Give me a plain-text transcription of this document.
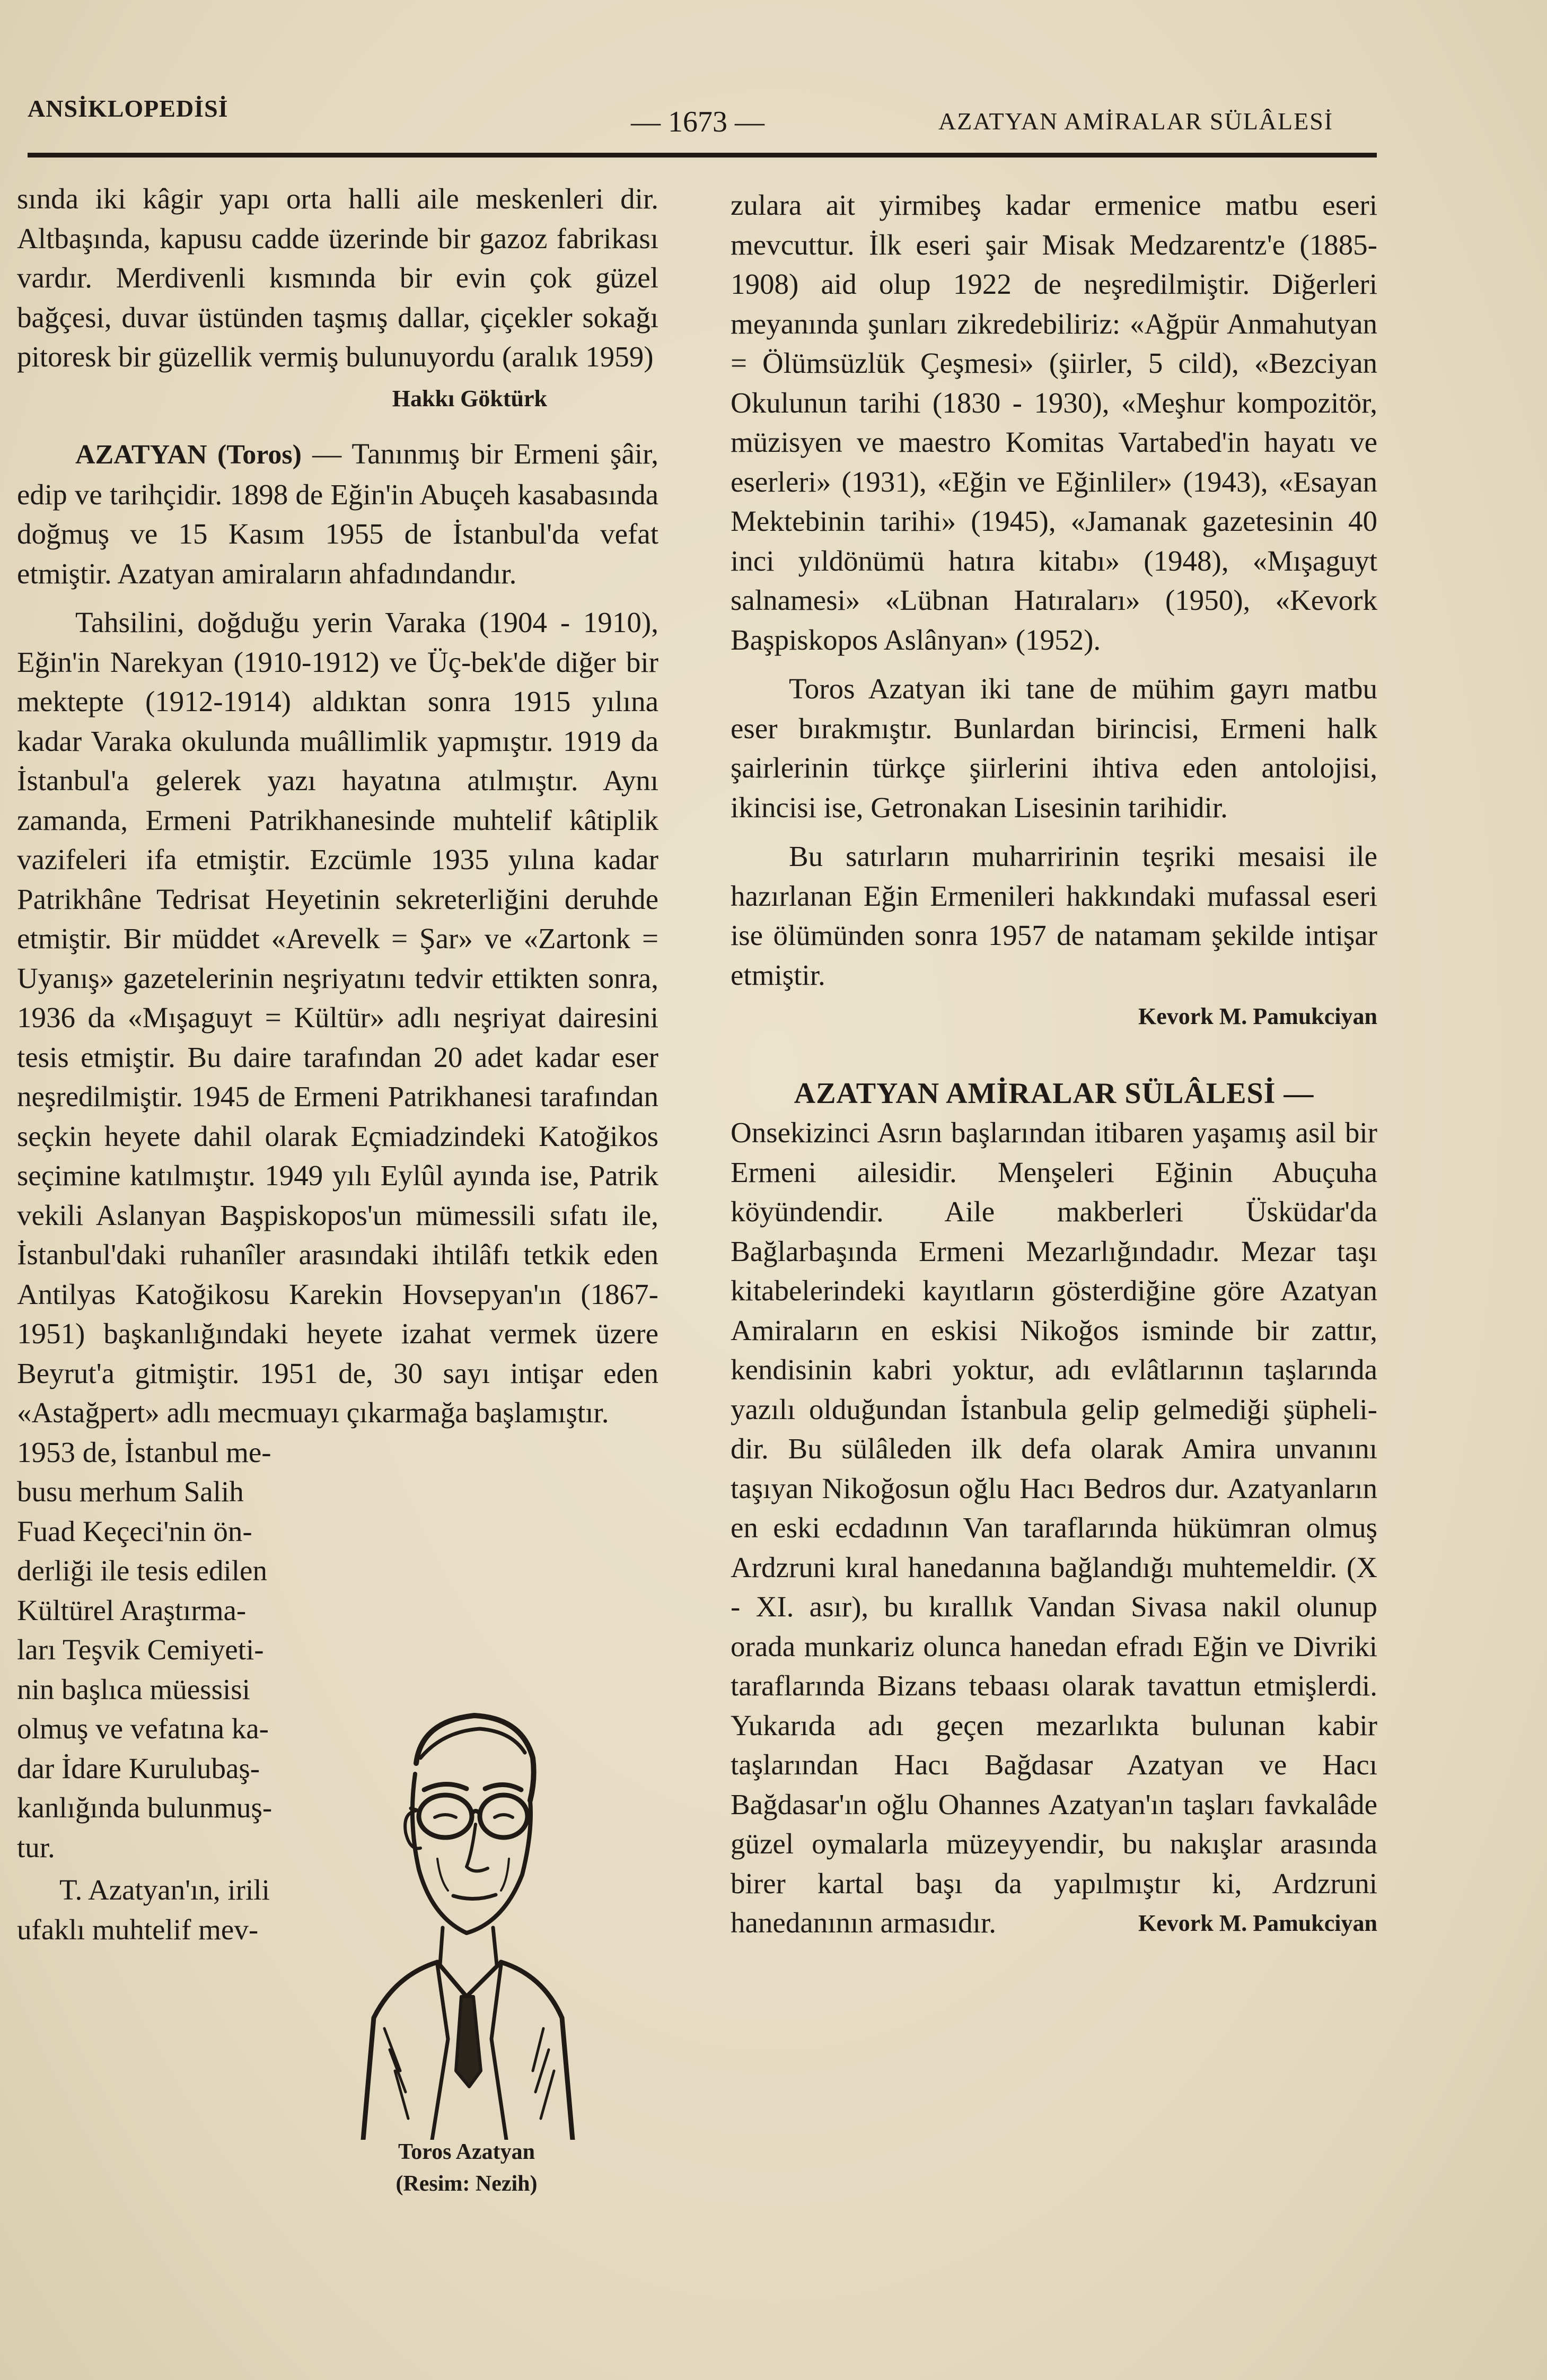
ANSİKLOPEDİSİ	— 1673 —	AZATYAN AMİRALAR SÜLÂLESİ

sında iki kâgir yapı orta halli aile meskenleri dir. Altbaşında, kapusu cadde üzerinde bir gazoz fabrikası vardır. Merdivenli kısmında bir evin çok güzel bağçesi, duvar üstünden taşmış dallar, çiçekler sokağı pitoresk bir güzellik vermiş bulunuyordu (aralık 1959)

Hakkı Göktürk

AZATYAN (Toros) — Tanınmış bir Ermeni şâir, edip ve tarihçidir. 1898 de Eğin'in Abuçeh kasabasında doğmuş ve 15 Kasım 1955 de İstanbul'da vefat etmiştir. Azatyan amiraların ahfadındandır.

Tahsilini, doğduğu yerin Varaka (1904 - 1910), Eğin'in Narekyan (1910-1912) ve Üç-bek'de diğer bir mektepte (1912-1914) aldıktan sonra 1915 yılına kadar Varaka okulunda muâllimlik yapmıştır. 1919 da İstanbul'a gelerek yazı hayatına atılmıştır. Aynı zamanda, Ermeni Patrikhanesinde muhtelif kâtiplik vazifeleri ifa etmiştir. Ezcümle 1935 yılına kadar Patrikhâne Tedrisat Heyetinin sekreterliğini deruhde etmiştir. Bir müddet «Arevelk = Şar» ve «Zartonk = Uyanış» gazetelerinin neşriyatını tedvir ettikten sonra, 1936 da «Mışaguyt = Kültür» adlı neşriyat dairesini tesis etmiştir. Bu daire tarafından 20 adet kadar eser neşredilmiştir. 1945 de Ermeni Patrikhanesi tarafından seçkin heyete dahil olarak Eçmiadzindeki Katoğikos seçimine katılmıştır. 1949 yılı Eylûl ayında ise, Patrik vekili Aslanyan Başpiskopos'un mümessili sıfatı ile, İstanbul'daki ruhanîler arasındaki ihtilâfı tetkik eden Antilyas Katoğikosu Karekin Hovsepyan'ın (1867-1951) başkanlığındaki heyete izahat vermek üzere Beyrut'a gitmiştir. 1951 de, 30 sayı intişar eden «Astağpert» adlı mecmuayı çıkarmağa başlamıştır.

1953 de, İstanbul me-
busu merhum Salih
Fuad Keçeci'nin ön-
derliği ile tesis edilen
Kültürel Araştırma-
ları Teşvik Cemiyeti-
nin başlıca müessisi
olmuş ve vefatına ka-
dar İdare Kurulubaş-
kanlığında bulunmuş-
tur.
T. Azatyan'ın, irili
ufaklı muhtelif mev-
Toros Azatyan
(Resim: Nezih)

zulara ait yirmibeş kadar ermenice matbu eseri mevcuttur. İlk eseri şair Misak Medzarentz'e (1885-1908) aid olup 1922 de neşredilmiştir. Diğerleri meyanında şunları zikredebiliriz: «Ağpür Anmahutyan = Ölümsüzlük Çeşmesi» (şiirler, 5 cild), «Bezciyan Okulunun tarihi (1830 - 1930), «Meşhur kompozitör, müzisyen ve maestro Komitas Vartabed'in hayatı ve eserleri» (1931), «Eğin ve Eğinliler» (1943), «Esayan Mektebinin tarihi» (1945), «Jamanak gazetesinin 40 inci yıldönümü hatıra kitabı» (1948), «Mışaguyt salnamesi» «Lübnan Hatıraları» (1950), «Kevork Başpiskopos Aslânyan» (1952).

Toros Azatyan iki tane de mühim gayrı matbu eser bırakmıştır. Bunlardan birincisi, Ermeni halk şairlerinin türkçe şiirlerini ihtiva eden antolojisi, ikincisi ise, Getronakan Lisesinin tarihidir.

Bu satırların muharririnin teşriki mesaisi ile hazırlanan Eğin Ermenileri hakkındaki mufassal eseri ise ölümünden sonra 1957 de natamam şekilde intişar etmiştir.

Kevork M. Pamukciyan

AZATYAN AMİRALAR SÜLÂLESİ —

Onsekizinci Asrın başlarından itibaren yaşamış asil bir Ermeni ailesidir. Menşeleri Eğinin Abuçuha köyündendir. Aile makberleri Üsküdar'da Bağlarbaşında Ermeni Mezarlığındadır. Mezar taşı kitabelerindeki kayıtların gösterdiğine göre Azatyan Amiraların en eskisi Nikoğos isminde bir zattır, kendisinin kabri yoktur, adı evlâtlarının taşlarında yazılı olduğundan İstanbula gelip gelmediği şüpheli-dir. Bu sülâleden ilk defa olarak Amira unvanını taşıyan Nikoğosun oğlu Hacı Bedros dur. Azatyanların en eski ecdadının Van taraflarında hükümran olmuş Ardzruni kıral hanedanına bağlandığı muhtemeldir. (X - XI. asır), bu kırallık Vandan Sivasa nakil olunup orada munkariz olunca hanedan efradı Eğin ve Divriki taraflarında Bizans tebaası olarak tavattun etmişlerdi. Yukarıda adı geçen mezarlıkta bulunan kabir taşlarından Hacı Bağdasar Azatyan ve Hacı Bağdasar'ın oğlu Ohannes Azatyan'ın taşları favkalâde güzel oymalarla müzeyyendir, bu nakışlar arasında birer kartal başı da yapılmıştır ki, Ardzruni hanedanının armasıdır.	Kevork M. Pamukciyan
